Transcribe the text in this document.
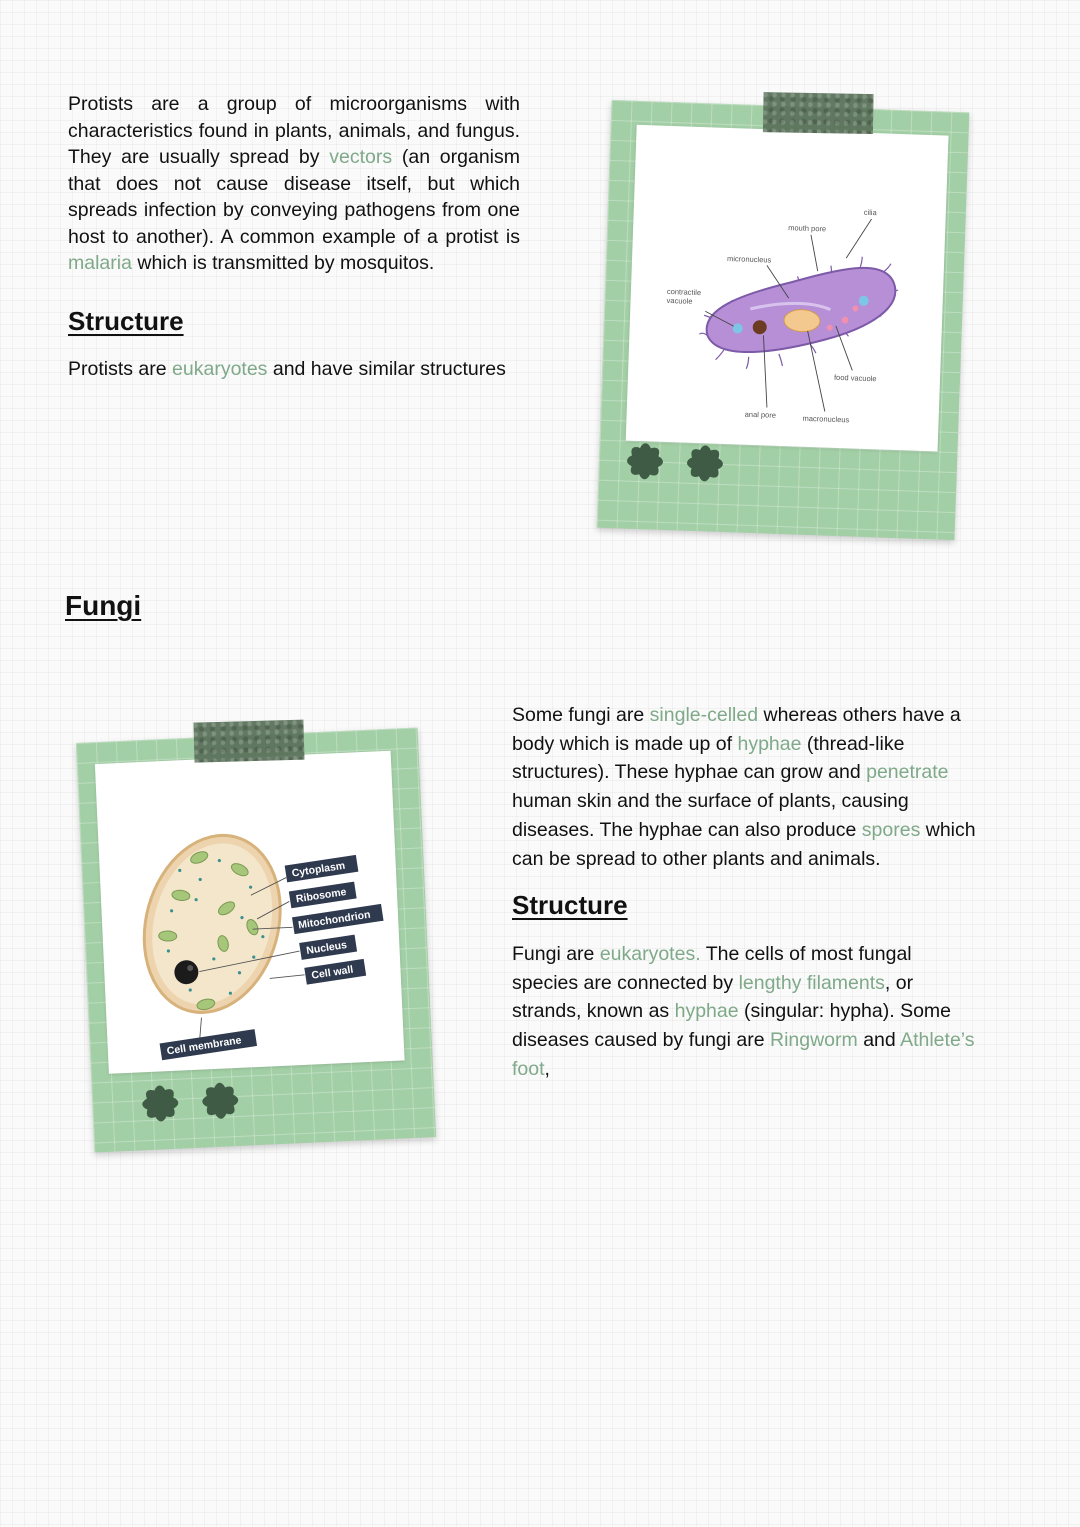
Protists are a group of microorganisms with characteristics found in plants, animals, and fungus. They are usually spread by vectors (an organism that does not cause disease itself, but which spreads infection by conveying pathogens from one host to another). A common example of a protist is malaria which is transmitted by mosquitos.

Structure

Protists are eukaryotes and have similar structures

cilia
mouth pore
micronucleus
contractile
vacuole
food vacuole
anal pore	macronucleus
Fungi
Cytoplasm
Ribosome
Mitochondrion
Nucleus
Cell wall
Cell membrane

Some fungi are single-celled whereas others have a body which is made up of hyphae (thread-like structures). These hyphae can grow and penetrate human skin and the surface of plants, causing diseases. The hyphae can also produce spores which can be spread to other plants and animals.

Structure

Fungi are eukaryotes. The cells of most fungal species are connected by lengthy filaments, or strands, known as hyphae (singular: hypha). Some diseases caused by fungi are Ringworm and Athlete’s foot,
